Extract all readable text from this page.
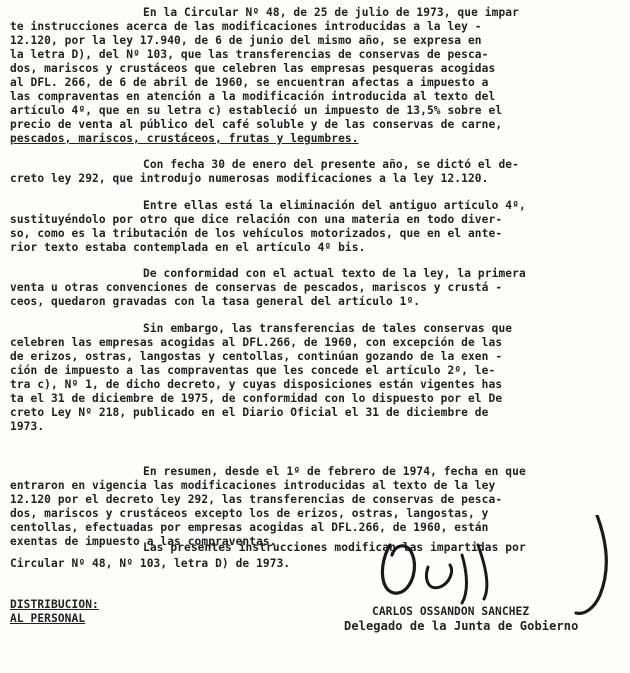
En la Circular Nº 48, de 25 de julio de 1973, que impar
te instrucciones acerca de las modificaciones introducidas a la ley -
12.120, por la ley 17.940, de 6 de junio del mismo año, se expresa en
la letra D), del Nº 103, que las transferencias de conservas de pesca-
dos, mariscos y crustáceos que celebren las empresas pesqueras acogidas
al DFL. 266, de 6 de abril de 1960, se encuentran afectas a impuesto a
las compraventas en atención a la modificación introducida al texto del
artículo 4º, que en su letra c) estableció un impuesto de 13,5% sobre el
precio de venta al público del café soluble y de las conservas de carne,
pescados, mariscos, crustáceos, frutas y legumbres.
Con fecha 30 de enero del presente año, se dictó el de-
creto ley 292, que introdujo numerosas modificaciones a la ley 12.120.
Entre ellas está la eliminación del antiguo artículo 4º,
sustituyéndolo por otro que dice relación con una materia en todo diver-
so, como es la tributación de los vehículos motorizados, que en el ante-
rior texto estaba contemplada en el artículo 4º bis.
De conformidad con el actual texto de la ley, la primera
venta u otras convenciones de conservas de pescados, mariscos y crustá -
ceos, quedaron gravadas con la tasa general del artículo 1º.
Sin embargo, las transferencias de tales conservas que
celebren las empresas acogidas al DFL.266, de 1960, con excepción de las
de erizos, ostras, langostas y centollas, continúan gozando de la exen -
ción de impuesto a las compraventas que les concede el artículo 2º, le-
tra c), Nº 1, de dicho decreto, y cuyas disposiciones están vigentes has
ta el 31 de diciembre de 1975, de conformidad con lo dispuesto por el De
creto Ley Nº 218, publicado en el Diario Oficial el 31 de diciembre de
1973.
En resumen, desde el 1º de febrero de 1974, fecha en que
entraron en vigencia las modificaciones introducidas al texto de la ley
12.120 por el decreto ley 292, las transferencias de conservas de pesca-
dos, mariscos y crustáceos excepto los de erizos, ostras, langostas, y
centollas, efectuadas por empresas acogidas al DFL.266, de 1960, están
exentas de impuesto a las compraventas.
Las presentes instrucciones modifican las impartidas por
Circular Nº 48, Nº 103, letra D) de 1973.
DISTRIBUCION:
AL PERSONAL
CARLOS OSSANDON SANCHEZ
Delegado de la Junta de Gobierno
